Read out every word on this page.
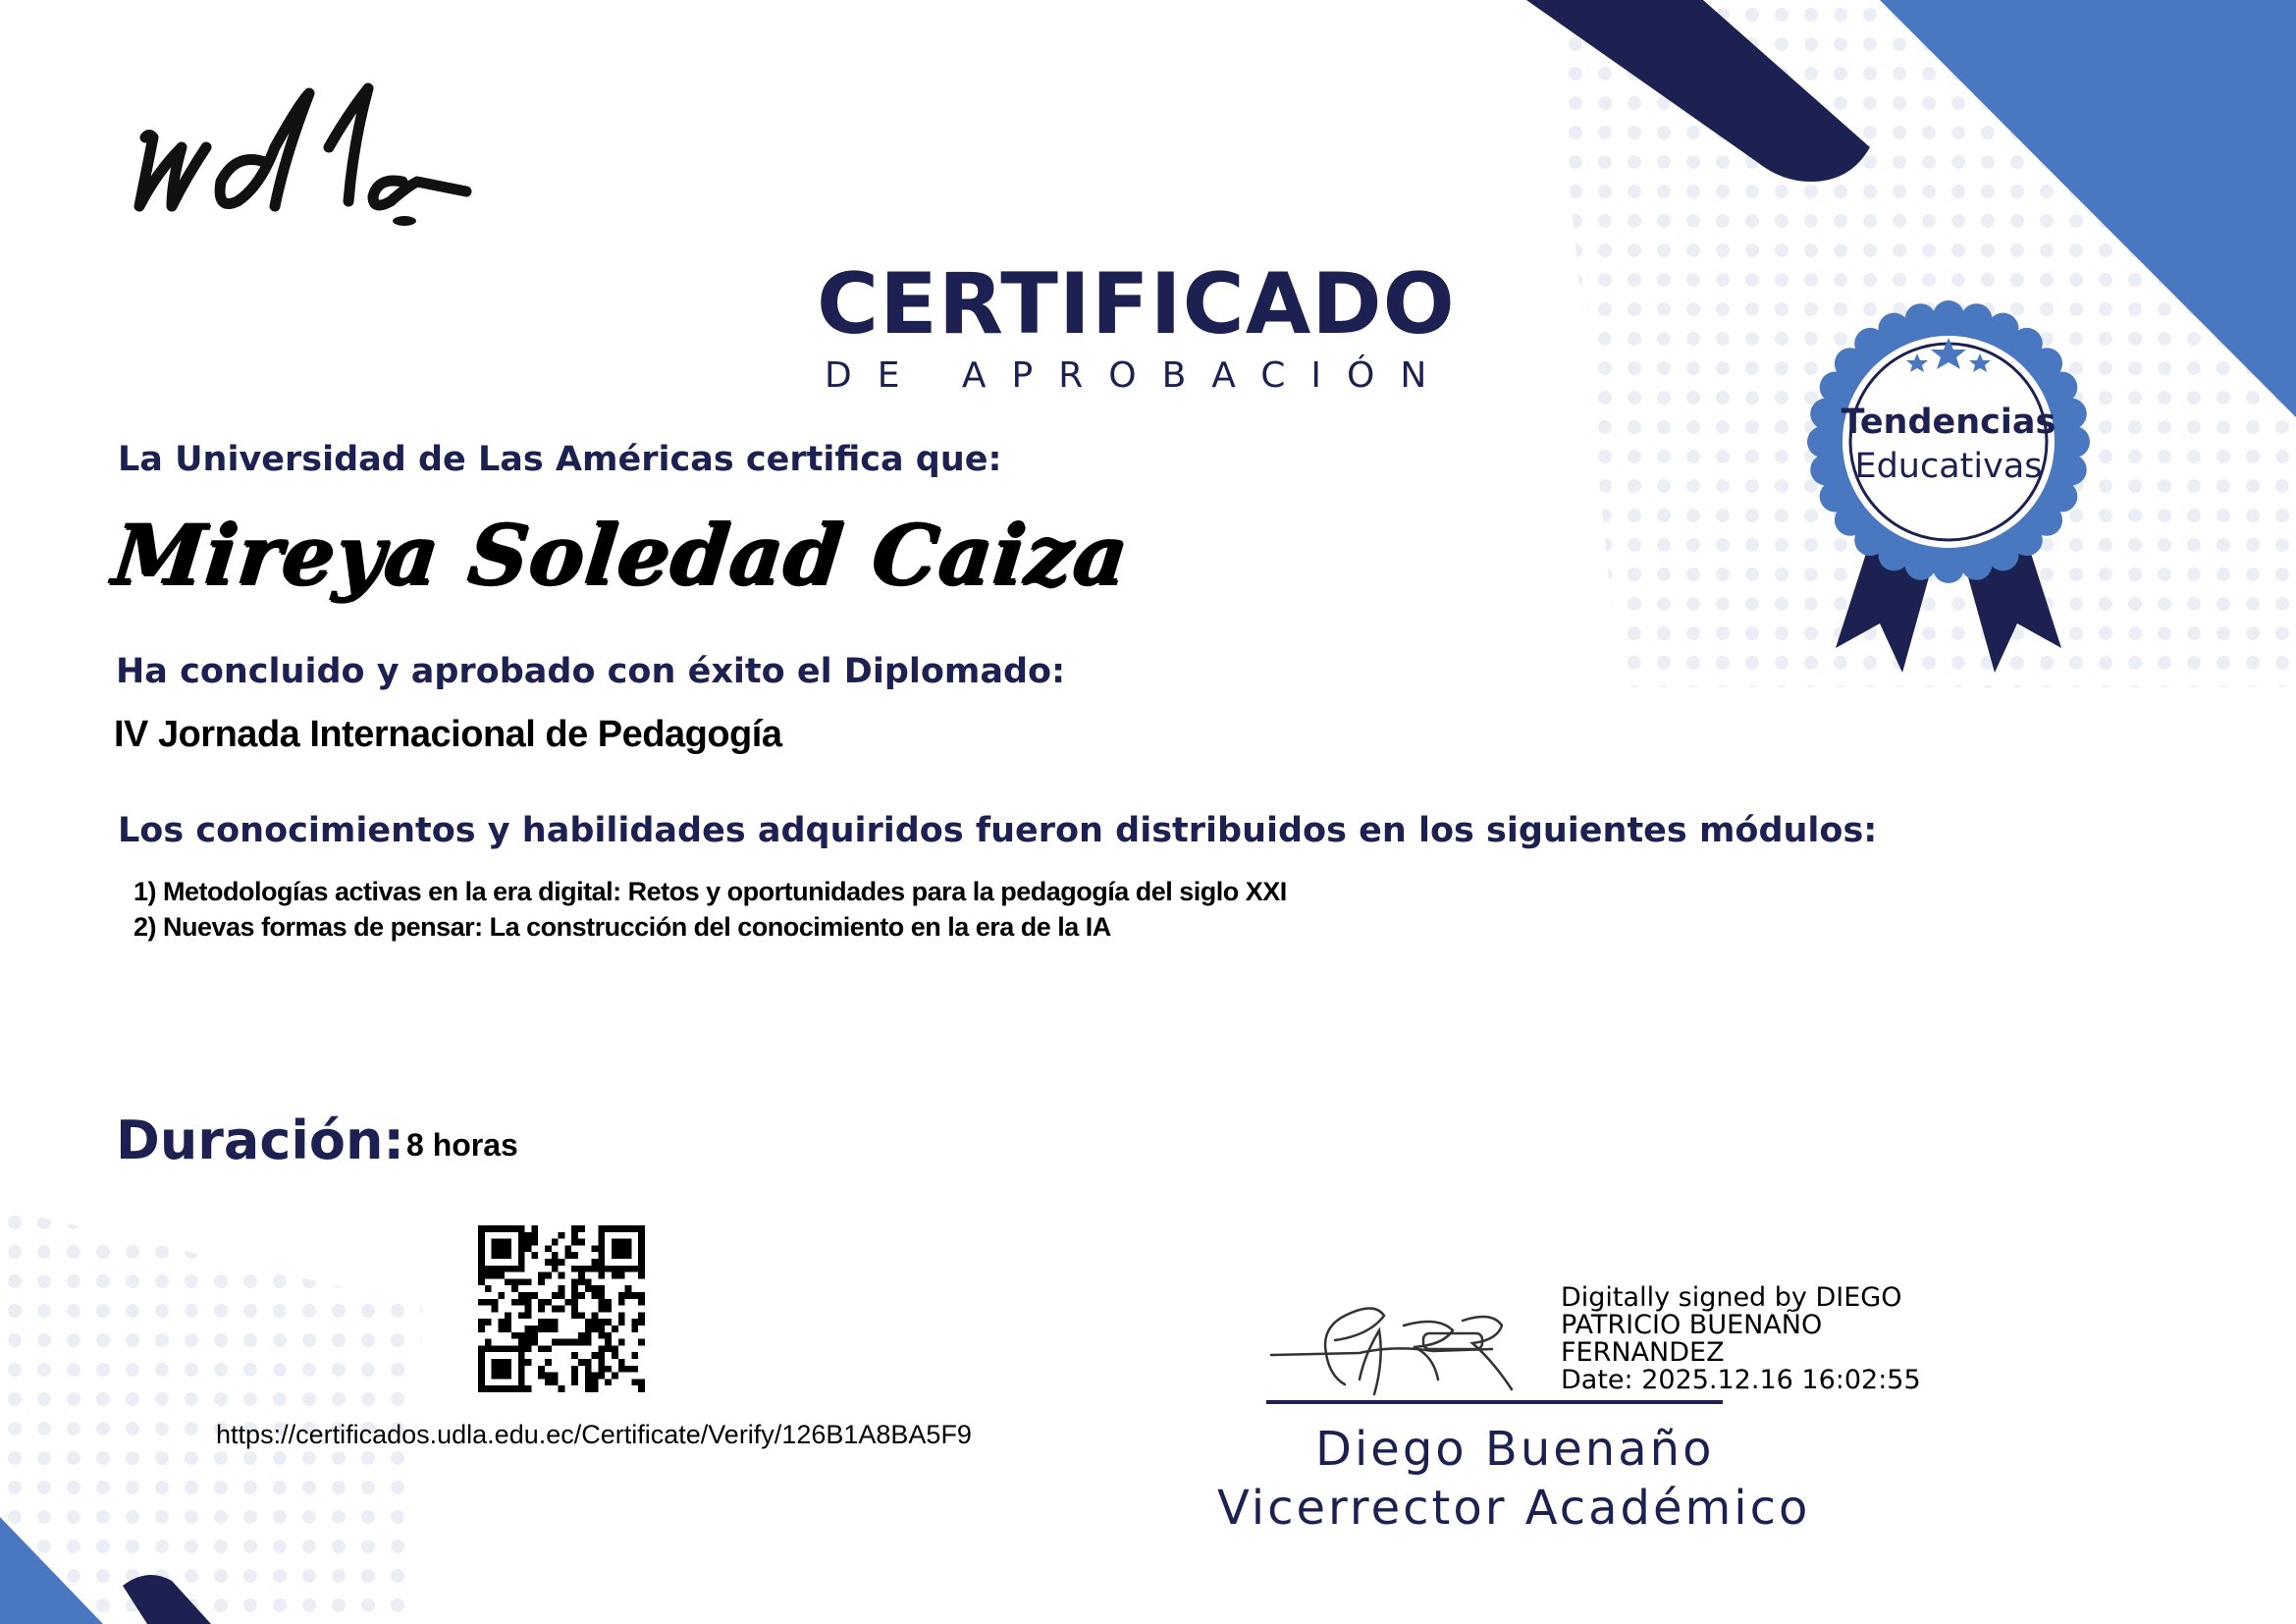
CERTIFICADO
DE APROBACIÓN
La Universidad de Las Américas certifica que:
Mireya Soledad Caiza
Ha concluido y aprobado con éxito el Diplomado:
IV Jornada Internacional de Pedagogía
Los conocimientos y habilidades adquiridos fueron distribuidos en los siguientes módulos:
1) Metodologías activas en la era digital: Retos y oportunidades para la pedagogía del siglo XXI
2) Nuevas formas de pensar: La construcción del conocimiento en la era de la IA
Duración: 8 horas
https://certificados.udla.edu.ec/Certificate/Verify/126B1A8BA5F9
Tendencias
Educativas
Digitally signed by DIEGO
PATRICIO BUENAÑO
FERNANDEZ
Date: 2025.12.16 16:02:55
Diego Buenaño
Vicerrector Académico
